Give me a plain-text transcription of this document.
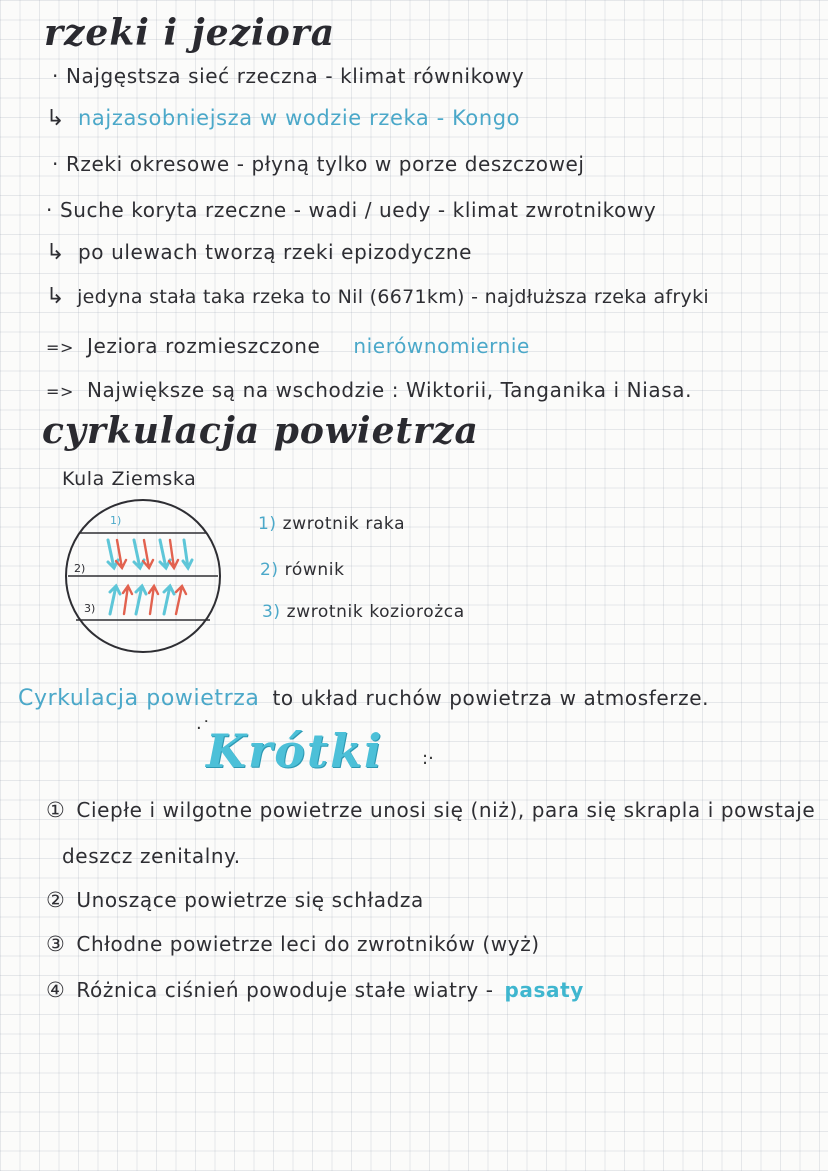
rzeki i jeziora
· Najgęstsza sieć rzeczna - klimat równikowy
↳ najzasobniejsza w wodzie rzeka - Kongo
· Rzeki okresowe - płyną tylko w porze deszczowej
· Suche koryta rzeczne - wadi / uedy - klimat zwrotnikowy
↳ po ulewach tworzą rzeki epizodyczne
↳ jedyna stała taka rzeka to Nil (6671km) - najdłuższa rzeka afryki
=> Jeziora rozmieszczone nierównomiernie
=> Największe są na wschodzie : Wiktorii, Tanganika i Niasa.
cyrkulacja powietrza
Kula Ziemska
1)
2)
3)
1) zwrotnik raka
2) równik
3) zwrotnik koziorożca
Cyrkulacja powietrza to układ ruchów powietrza w atmosferze.
·˙
Krótki :·
① Ciepłe i wilgotne powietrze unosi się (niż), para się skrapla i powstaje
deszcz zenitalny.
② Unoszące powietrze się schładza
③ Chłodne powietrze leci do zwrotników (wyż)
④ Różnica ciśnień powoduje stałe wiatry - pasaty
